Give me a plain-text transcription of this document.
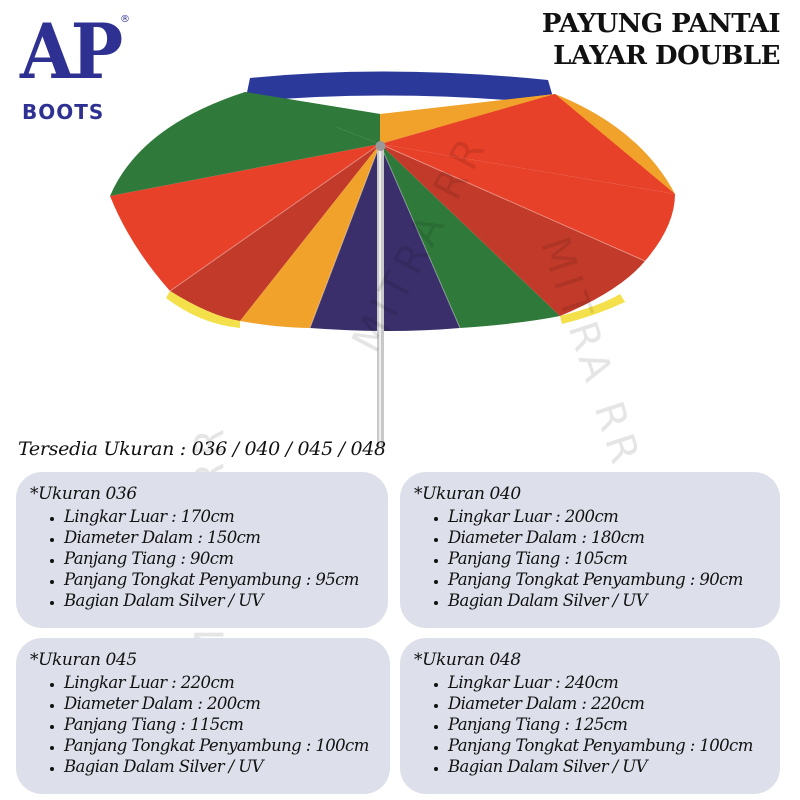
AP ®
BOOTS
PAYUNG PANTAI
LAYAR DOUBLE
MITRA RR
Tersedia Ukuran : 036 / 040 / 045 / 048
*Ukuran 036
• Lingkar Luar : 170cm
• Diameter Dalam : 150cm
• Panjang Tiang : 90cm
• Panjang Tongkat Penyambung : 95cm
• Bagian Dalam Silver / UV
*Ukuran 040
• Lingkar Luar : 200cm
• Diameter Dalam : 180cm
• Panjang Tiang : 105cm
• Panjang Tongkat Penyambung : 90cm
• Bagian Dalam Silver / UV
*Ukuran 045
• Lingkar Luar : 220cm
• Diameter Dalam : 200cm
• Panjang Tiang : 115cm
• Panjang Tongkat Penyambung : 100cm
• Bagian Dalam Silver / UV
*Ukuran 048
• Lingkar Luar : 240cm
• Diameter Dalam : 220cm
• Panjang Tiang : 125cm
• Panjang Tongkat Penyambung : 100cm
• Bagian Dalam Silver / UV
